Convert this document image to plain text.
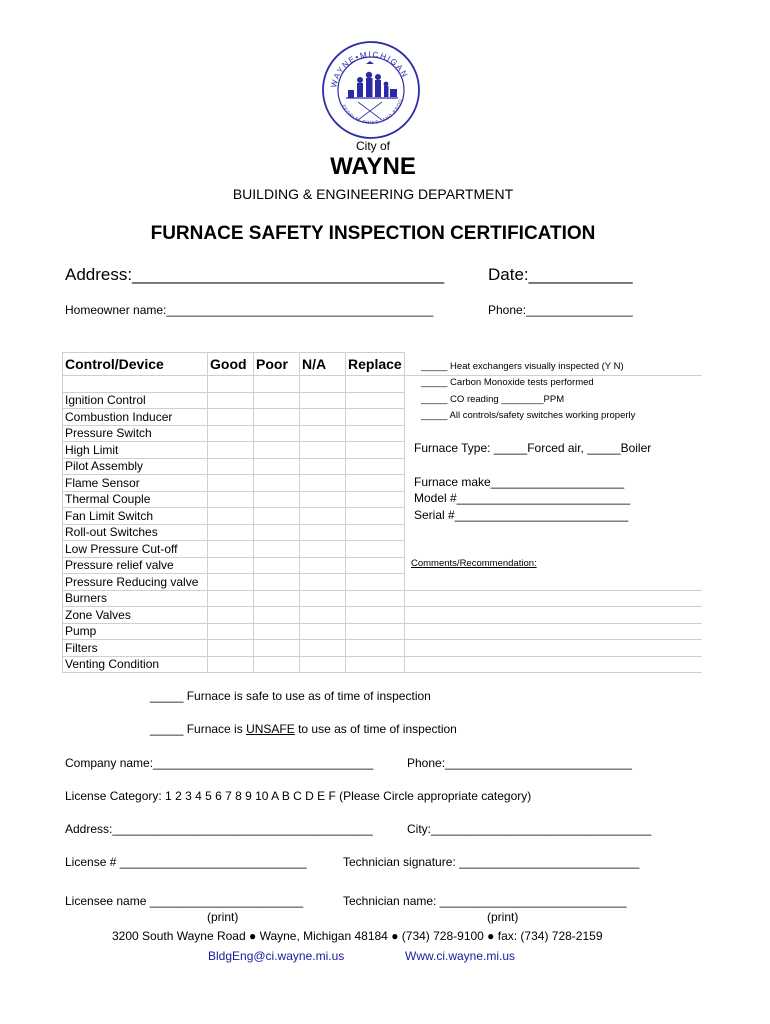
WAYNE•MICHIGAN
PEOPLE, PRIDE, AND PROG
City of
WAYNE
BUILDING & ENGINEERING DEPARTMENT
FURNACE SAFETY INSPECTION CERTIFICATION
Address:_________________________________	Date:___________
Homeowner name:________________________________________	Phone:________________
Control/Device	Good	Poor	N/A	Replace	

Ignition Control					
Combustion Inducer					
Pressure Switch					
High Limit					
Pilot Assembly					
Flame Sensor					
Thermal Couple					
Fan Limit Switch					
Roll-out Switches					
Low Pressure Cut-off					
Pressure relief valve					
Pressure Reducing valve					
Burners					
Zone Valves					
Pump					
Filters					
Venting Condition					
_____ Heat exchangers visually inspected (Y N)
_____ Carbon Monoxide tests performed
_____ CO reading ________PPM
_____ All controls/safety switches working properly
Furnace Type: _____Forced air, _____Boiler
Furnace make____________________
Model #__________________________
Serial #__________________________
Comments/Recommendation:
_____ Furnace is safe to use as of time of inspection
_____ Furnace is UNSAFE to use as of time of inspection
Company name:_________________________________	Phone:____________________________
License Category: 1 2 3 4 5 6 7 8 9 10 A B C D E F (Please Circle appropriate category)
Address:_______________________________________	City:_________________________________
License # ____________________________	Technician signature: ___________________________
Licensee name _______________________	Technician name: ____________________________
(print)	(print)
3200 South Wayne Road ● Wayne, Michigan 48184 ● (734) 728-9100 ● fax: (734) 728-2159
BldgEng@ci.wayne.mi.us	Www.ci.wayne.mi.us
